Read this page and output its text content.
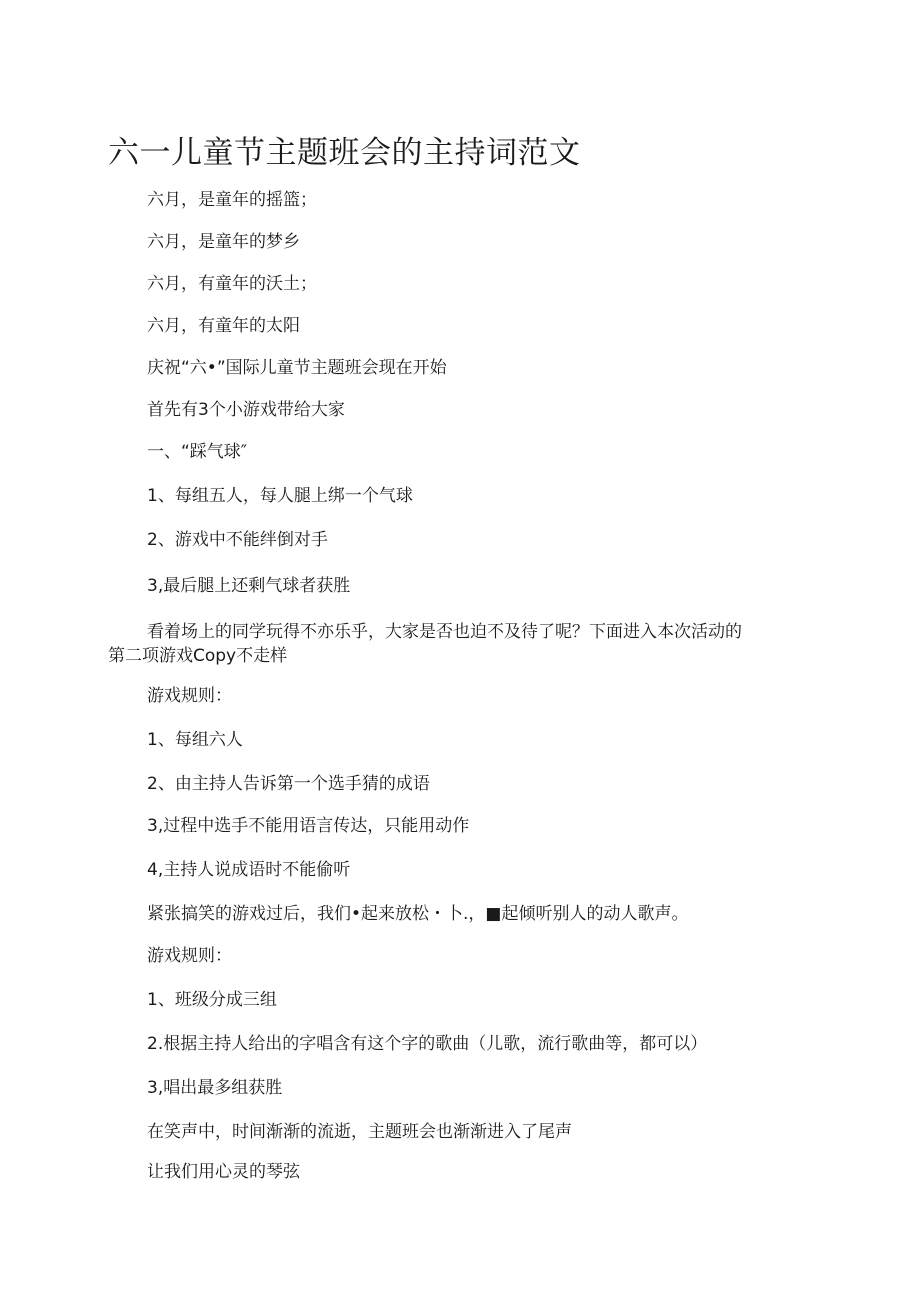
六一儿童节主题班会的主持词范文
六月，是童年的摇篮；
六月，是童年的梦乡
六月，有童年的沃土；
六月，有童年的太阳
庆祝“六•”国际儿童节主题班会现在开始
首先有3个小游戏带给大家
一、“踩气球″
1、每组五人，每人腿上绑一个气球
2、游戏中不能绊倒对手
3,最后腿上还剩气球者获胜
看着场上的同学玩得不亦乐乎，大家是否也迫不及待了呢？下面进入本次活动的
第二项游戏Copy不走样
游戏规则：
1、每组六人
2、由主持人告诉第一个选手猜的成语
3,过程中选手不能用语言传达，只能用动作
4,主持人说成语时不能偷听
紧张搞笑的游戏过后，我们•起来放松・卜.，■起倾听别人的动人歌声。
游戏规则：
1、班级分成三组
2.根据主持人给出的字唱含有这个字的歌曲（儿歌，流行歌曲等，都可以）
3,唱出最多组获胜
在笑声中，时间渐渐的流逝，主题班会也渐渐进入了尾声
让我们用心灵的琴弦
